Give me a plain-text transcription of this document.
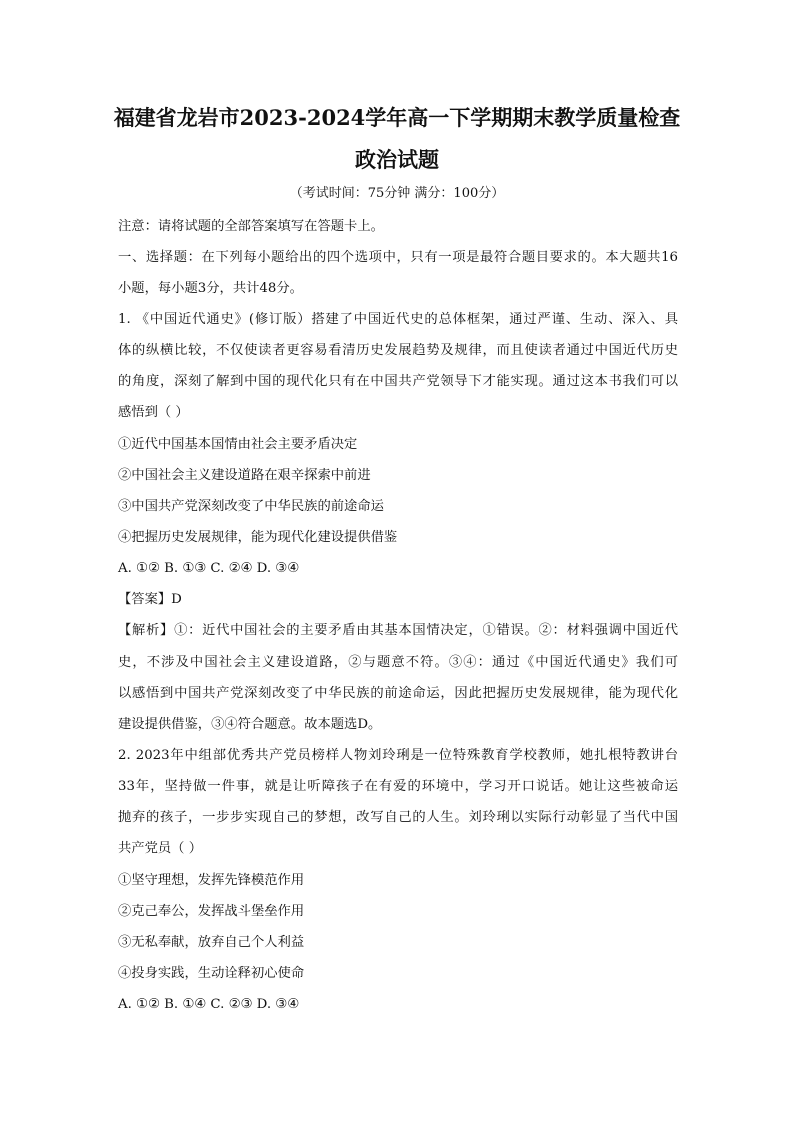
福建省龙岩市2023-2024学年高一下学期期末教学质量检查
政治试题
（考试时间：75分钟 满分：100分）
注意：请将试题的全部答案填写在答题卡上。
一、选择题：在下列每小题给出的四个选项中，只有一项是最符合题目要求的。本大题共16
小题，每小题3分，共计48分。
1. 《中国近代通史》(修订版）搭建了中国近代史的总体框架，通过严谨、生动、深入、具
体的纵横比较，不仅使读者更容易看清历史发展趋势及规律，而且使读者通过中国近代历史
的角度，深刻了解到中国的现代化只有在中国共产党领导下才能实现。通过这本书我们可以
感悟到（ ）
①近代中国基本国情由社会主要矛盾决定
②中国社会主义建设道路在艰辛探索中前进
③中国共产党深刻改变了中华民族的前途命运
④把握历史发展规律，能为现代化建设提供借鉴
A. ①② B. ①③ C. ②④ D. ③④
【答案】D
【解析】①：近代中国社会的主要矛盾由其基本国情决定，①错误。②：材料强调中国近代
史，不涉及中国社会主义建设道路，②与题意不符。③④：通过《中国近代通史》我们可
以感悟到中国共产党深刻改变了中华民族的前途命运，因此把握历史发展规律，能为现代化
建设提供借鉴，③④符合题意。故本题选D。
2. 2023年中组部优秀共产党员榜样人物刘玲琍是一位特殊教育学校教师，她扎根特教讲台
33年，坚持做一件事，就是让听障孩子在有爱的环境中，学习开口说话。她让这些被命运
抛弃的孩子，一步步实现自己的梦想，改写自己的人生。刘玲琍以实际行动彰显了当代中国
共产党员（ ）
①坚守理想，发挥先锋模范作用
②克己奉公，发挥战斗堡垒作用
③无私奉献，放弃自己个人利益
④投身实践，生动诠释初心使命
A. ①② B. ①④ C. ②③ D. ③④
